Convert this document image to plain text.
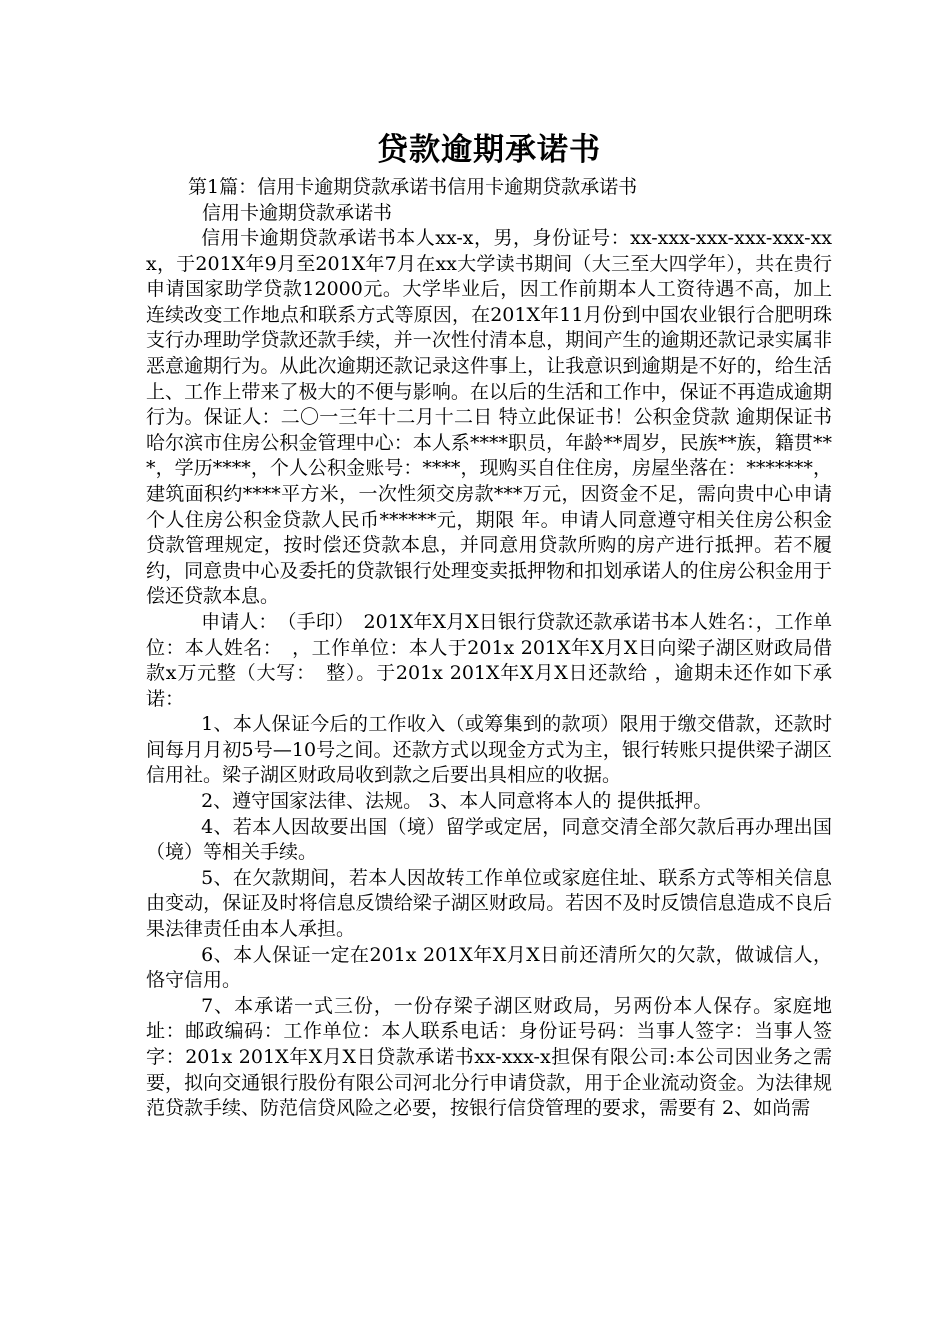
贷款逾期承诺书

第1篇：信用卡逾期贷款承诺书信用卡逾期贷款承诺书

信用卡逾期贷款承诺书

信用卡逾期贷款承诺书本人xx-x，男，身份证号：xx-xxx-xxx-xxx-xxx-xxx，于201X年9月至201X年7月在xx大学读书期间（大三至大四学年），共在贵行申请国家助学贷款12000元。大学毕业后，因工作前期本人工资待遇不高，加上连续改变工作地点和联系方式等原因，在201X年11月份到中国农业银行合肥明珠支行办理助学贷款还款手续，并一次性付清本息，期间产生的逾期还款记录实属非恶意逾期行为。从此次逾期还款记录这件事上，让我意识到逾期是不好的，给生活上、工作上带来了极大的不便与影响。在以后的生活和工作中，保证不再造成逾期行为。保证人：二〇一三年十二月十二日 特立此保证书！公积金贷款 逾期保证书哈尔滨市住房公积金管理中心：本人系****职员，年龄**周岁，民族**族，籍贯***，学历****，个人公积金账号：****，现购买自住住房，房屋坐落在：*******，建筑面积约****平方米，一次性须交房款***万元，因资金不足，需向贵中心申请个人住房公积金贷款人民币******元，期限 年。申请人同意遵守相关住房公积金贷款管理规定，按时偿还贷款本息，并同意用贷款所购的房产进行抵押。若不履约，同意贵中心及委托的贷款银行处理变卖抵押物和扣划承诺人的住房公积金用于偿还贷款本息。

申请人：　（手印）　201X年X月X日银行贷款还款承诺书本人姓名：，工作单位：本人姓名：　，工作单位：本人于201x 201X年X月X日向梁子湖区财政局借款x万元整（大写：　整）。于201x 201X年X月X日还款给 ，逾期未还作如下承诺：

1、本人保证今后的工作收入（或筹集到的款项）限用于缴交借款，还款时间每月月初5号—10号之间。还款方式以现金方式为主，银行转账只提供梁子湖区信用社。梁子湖区财政局收到款之后要出具相应的收据。

2、遵守国家法律、法规。 3、本人同意将本人的 提供抵押。

4、若本人因故要出国（境）留学或定居，同意交清全部欠款后再办理出国（境）等相关手续。

5、在欠款期间，若本人因故转工作单位或家庭住址、联系方式等相关信息由变动，保证及时将信息反馈给梁子湖区财政局。若因不及时反馈信息造成不良后果法律责任由本人承担。

6、本人保证一定在201x 201X年X月X日前还清所欠的欠款，做诚信人，恪守信用。

7、本承诺一式三份，一份存梁子湖区财政局，另两份本人保存。家庭地址：邮政编码：工作单位：本人联系电话：身份证号码：当事人签字：当事人签字：201x 201X年X月X日贷款承诺书xx-xxx-x担保有限公司:本公司因业务之需要，拟向交通银行股份有限公司河北分行申请贷款，用于企业流动资金。为法律规范贷款手续、防范信贷风险之必要，按银行信贷管理的要求，需要有 2、如尚需
